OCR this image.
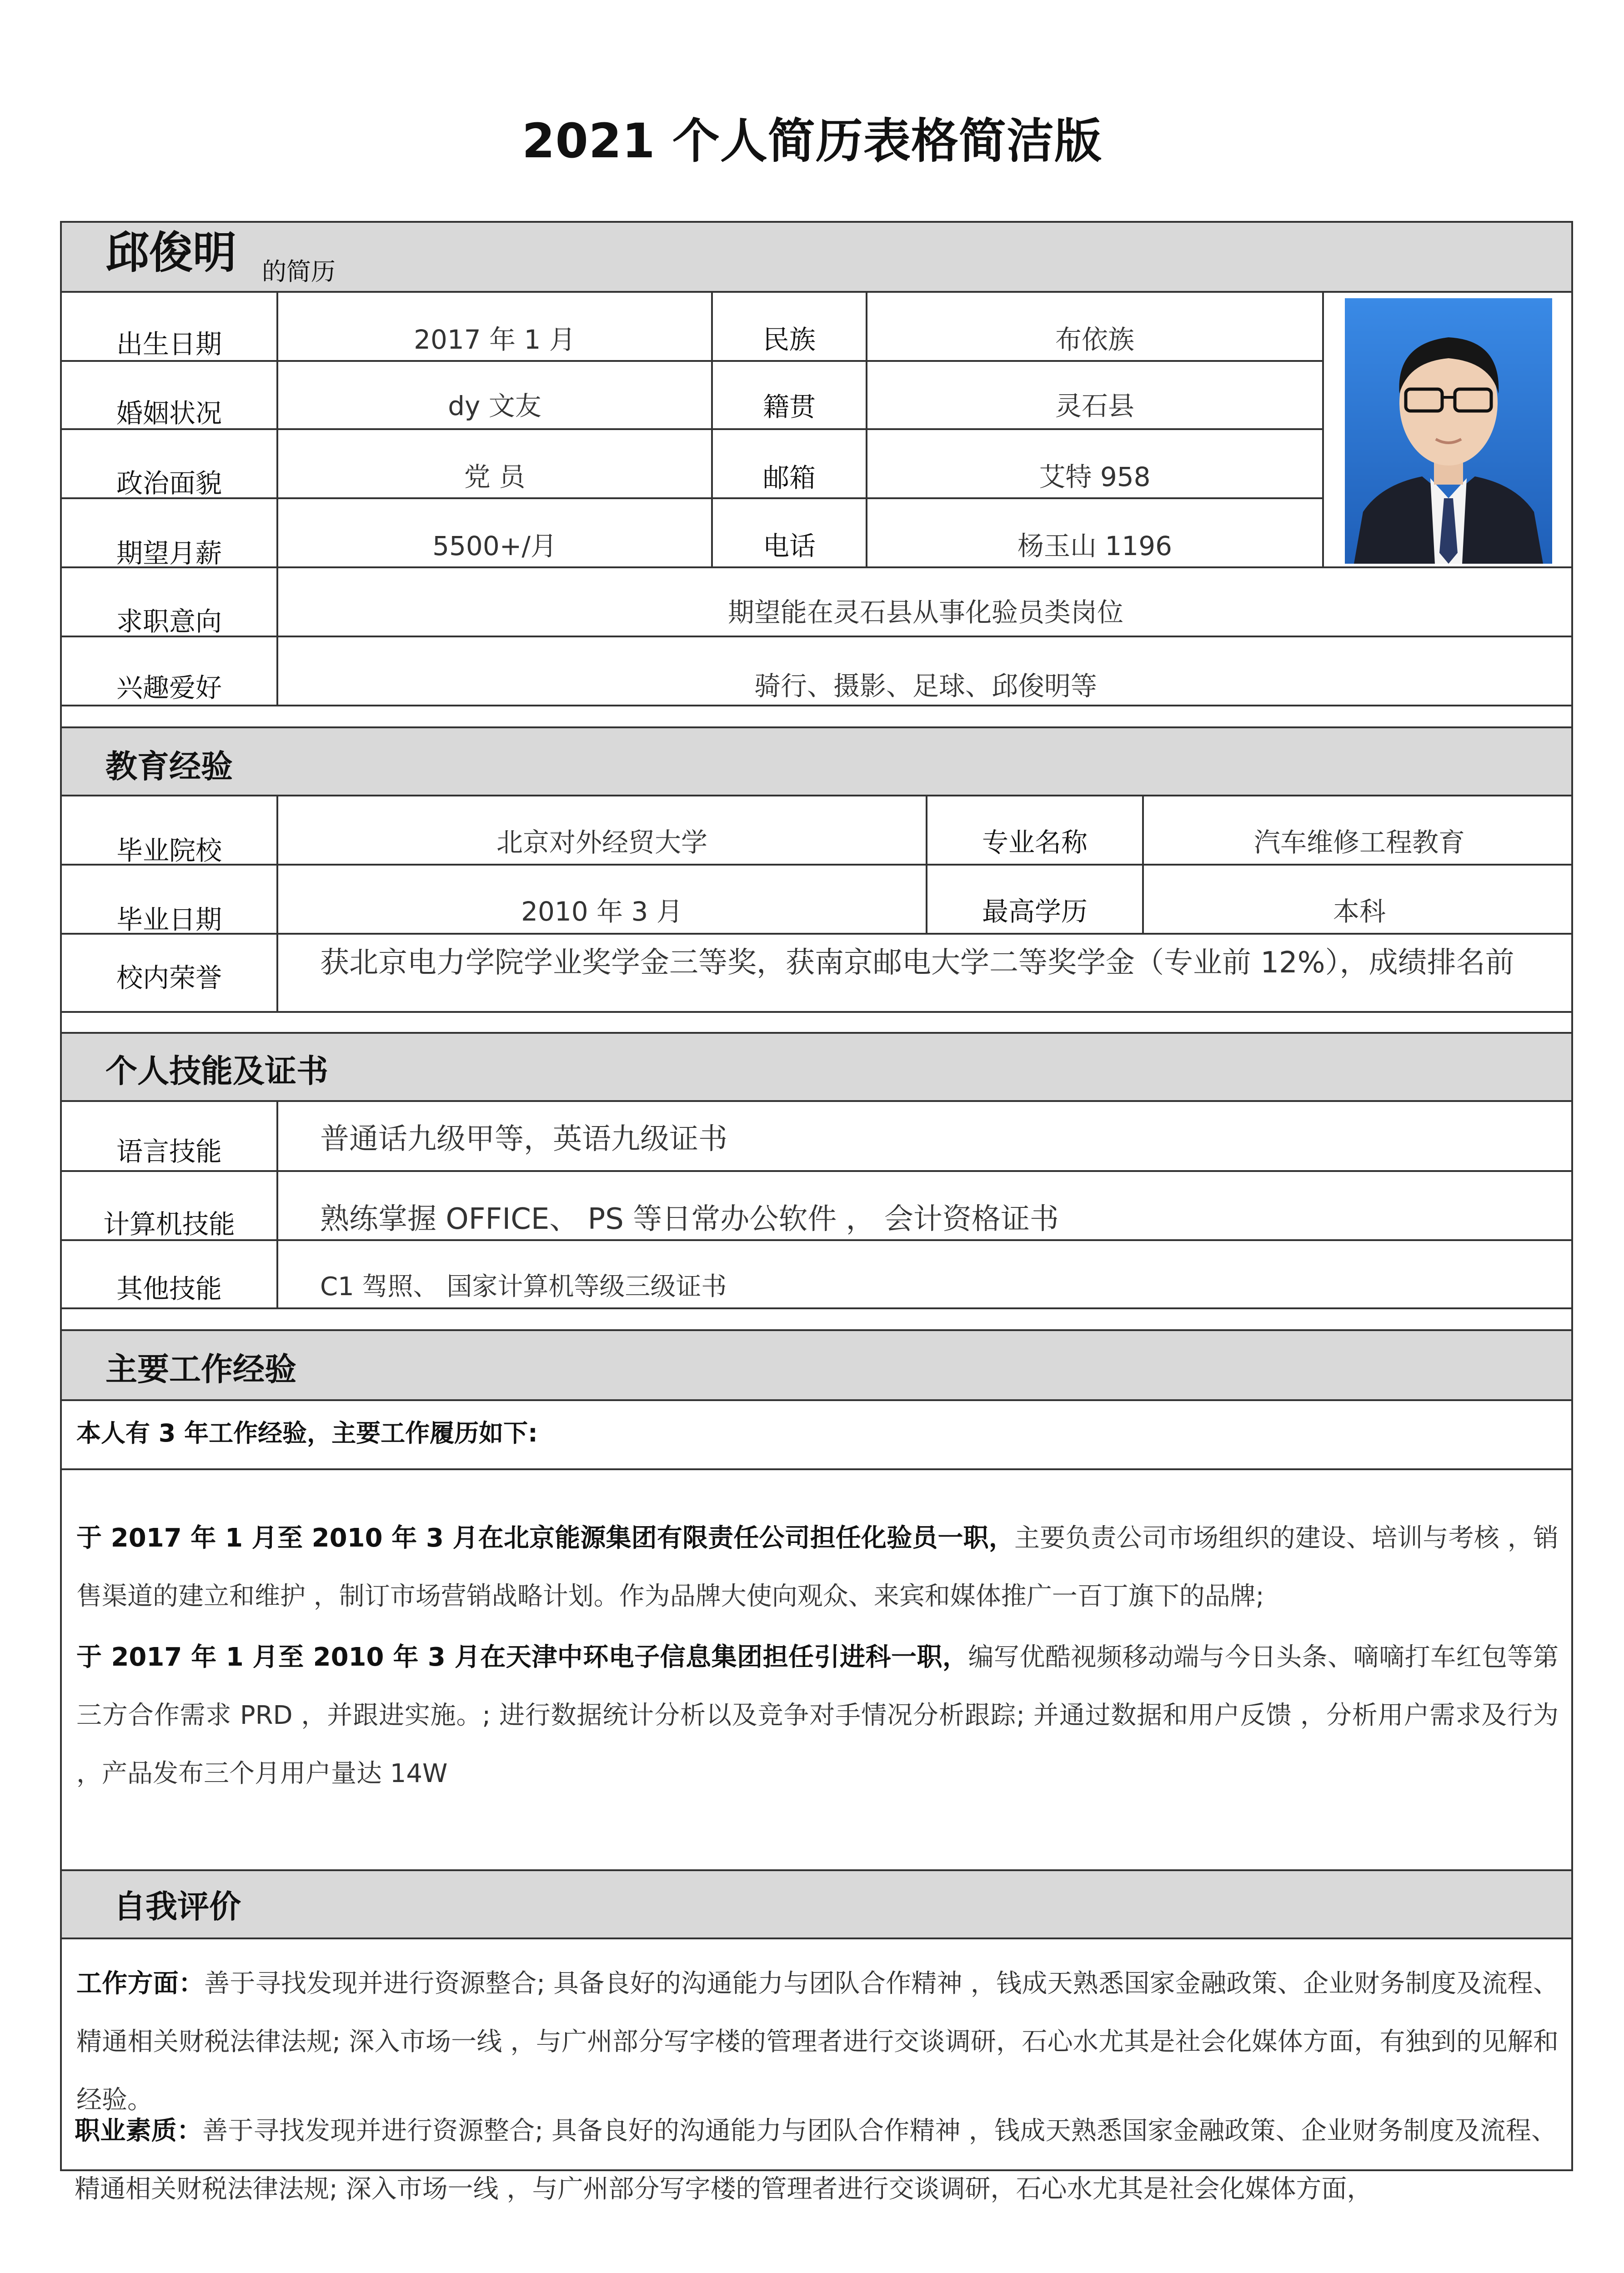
2021 个人简历表格简洁版
邱俊明 的简历
出生日期	2017 年 1 月	民族	布依族
婚姻状况	dy 文友	籍贯	灵石县
政治面貌	党 员	邮箱	艾特 958
期望月薪	5500+/月	电话	杨玉山 1196
求职意向	期望能在灵石县从事化验员类岗位
兴趣爱好	骑行、摄影、足球、邱俊明等
教育经验
毕业院校	北京对外经贸大学	专业名称	汽车维修工程教育
毕业日期	2010 年 3 月	最高学历	本科
校内荣誉	获北京电力学院学业奖学金三等奖，获南京邮电大学二等奖学金（专业前 12%），成绩排名前
个人技能及证书
语言技能	普通话九级甲等，英语九级证书
计算机技能	熟练掌握 OFFICE、 PS 等日常办公软件 ， 会计资格证书
其他技能	C1 驾照、 国家计算机等级三级证书
主要工作经验
本人有 3 年工作经验，主要工作履历如下:
于 2017 年 1 月至 2010 年 3 月在北京能源集团有限责任公司担任化验员一职，主要负责公司市场组织的建设、培训与考核 ，销售渠道的建立和维护 ，制订市场营销战略计划。作为品牌大使向观众、来宾和媒体推广一百丁旗下的品牌;
于 2017 年 1 月至 2010 年 3 月在天津中环电子信息集团担任引进科一职，编写优酷视频移动端与今日头条、嘀嘀打车红包等第三方合作需求 PRD ，并跟进实施。; 进行数据统计分析以及竞争对手情况分析跟踪; 并通过数据和用户反馈 ，分析用户需求及行为 ，产品发布三个月用户量达 14W
自我评价
工作方面：善于寻找发现并进行资源整合; 具备良好的沟通能力与团队合作精神 ，钱成天熟悉国家金融政策、企业财务制度及流程、 精通相关财税法律法规; 深入市场一线 ，与广州部分写字楼的管理者进行交谈调研，石心水尤其是社会化媒体方面，有独到的见解和经验。
职业素质：善于寻找发现并进行资源整合; 具备良好的沟通能力与团队合作精神 ，钱成天熟悉国家金融政策、企业财务制度及流程、 精通相关财税法律法规; 深入市场一线 ，与广州部分写字楼的管理者进行交谈调研，石心水尤其是社会化媒体方面，
